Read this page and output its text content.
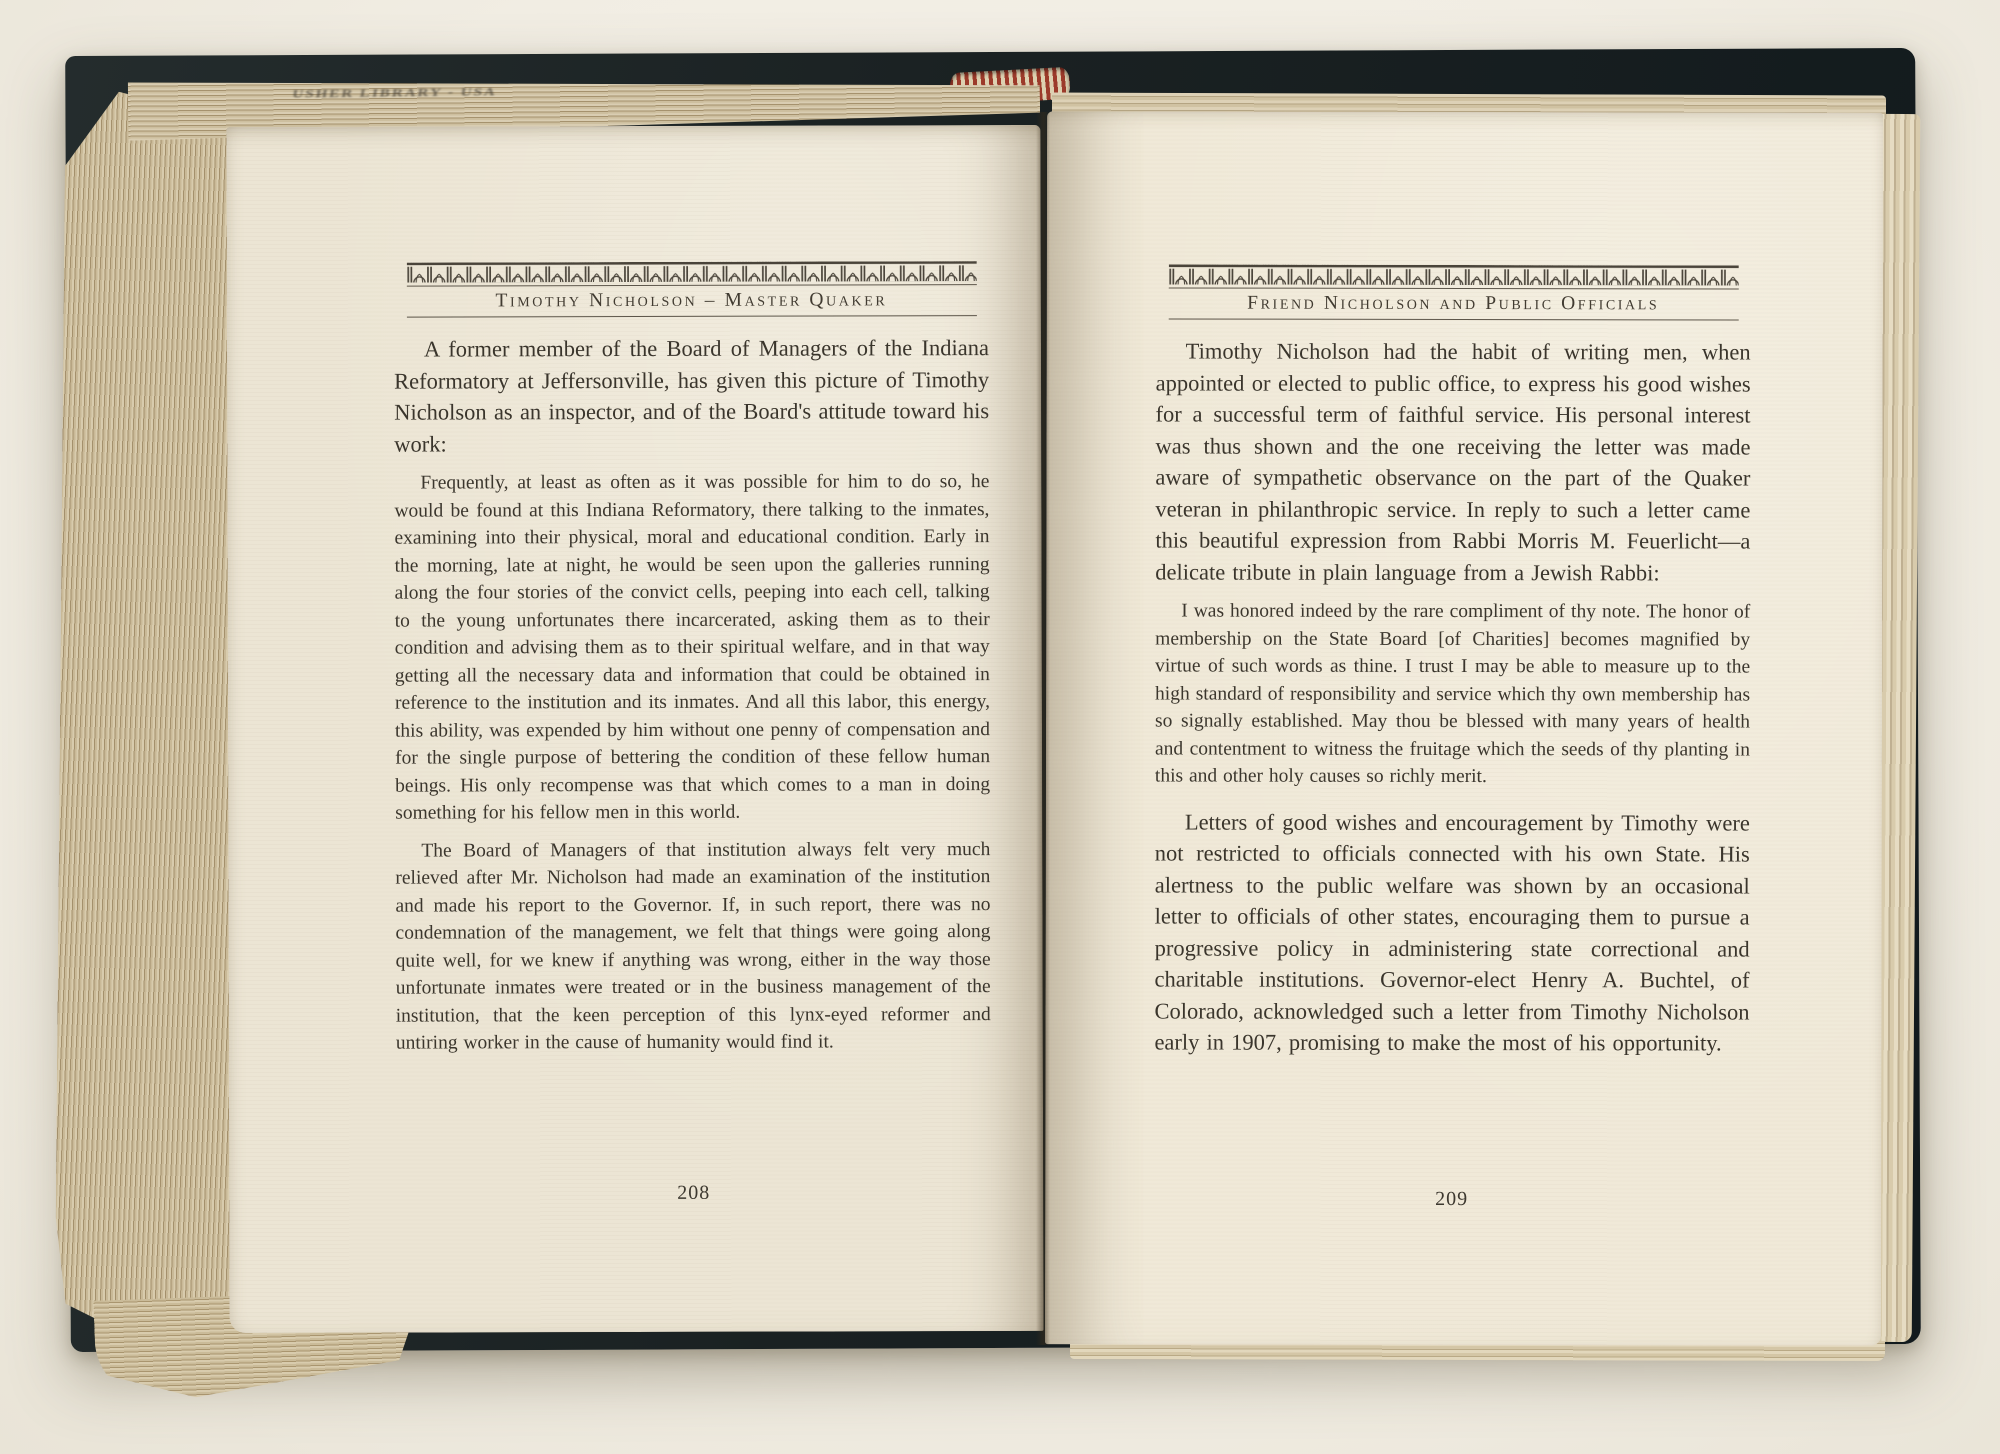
USHER LIBRARY - USA
Timothy Nicholson – Master Quaker

A former member of the Board of Managers of the Indiana Reformatory at Jeffersonville, has given this picture of Timothy Nicholson as an inspector, and of the Board's attitude toward his work:

Frequently, at least as often as it was possible for him to do so, he would be found at this Indiana Reformatory, there talking to the inmates, examining into their physical, moral and educational condition. Early in the morning, late at night, he would be seen upon the galleries running along the four stories of the convict cells, peeping into each cell, talking to the young unfortunates there incarcerated, asking them as to their condition and advising them as to their spiritual welfare, and in that way getting all the necessary data and information that could be obtained in reference to the institution and its inmates. And all this labor, this energy, this ability, was expended by him without one penny of compensation and for the single purpose of bettering the condition of these fellow human beings. His only recompense was that which comes to a man in doing something for his fellow men in this world.

The Board of Managers of that institution always felt very much relieved after Mr. Nicholson had made an examination of the institution and made his report to the Governor. If, in such report, there was no condemnation of the management, we felt that things were going along quite well, for we knew if anything was wrong, either in the way those unfortunate inmates were treated or in the business management of the institution, that the keen perception of this lynx-eyed reformer and untiring worker in the cause of humanity would find it.

208
Friend Nicholson and Public Officials

Timothy Nicholson had the habit of writing men, when appointed or elected to public office, to express his good wishes for a successful term of faithful service. His personal interest was thus shown and the one receiving the letter was made aware of sympathetic observance on the part of the Quaker veteran in philanthropic service. In reply to such a letter came this beautiful expression from Rabbi Morris M. Feuerlicht—a delicate tribute in plain language from a Jewish Rabbi:

I was honored indeed by the rare compliment of thy note. The honor of membership on the State Board [of Charities] becomes magnified by virtue of such words as thine. I trust I may be able to measure up to the high standard of responsibility and service which thy own membership has so signally established. May thou be blessed with many years of health and contentment to witness the fruitage which the seeds of thy planting in this and other holy causes so richly merit.

Letters of good wishes and encouragement by Timothy were not restricted to officials connected with his own State. His alertness to the public welfare was shown by an occasional letter to officials of other states, encouraging them to pursue a progressive policy in administering state correctional and charitable institutions. Governor-elect Henry A. Buchtel, of Colorado, acknowledged such a letter from Timothy Nicholson early in 1907, promising to make the most of his opportunity.

209
